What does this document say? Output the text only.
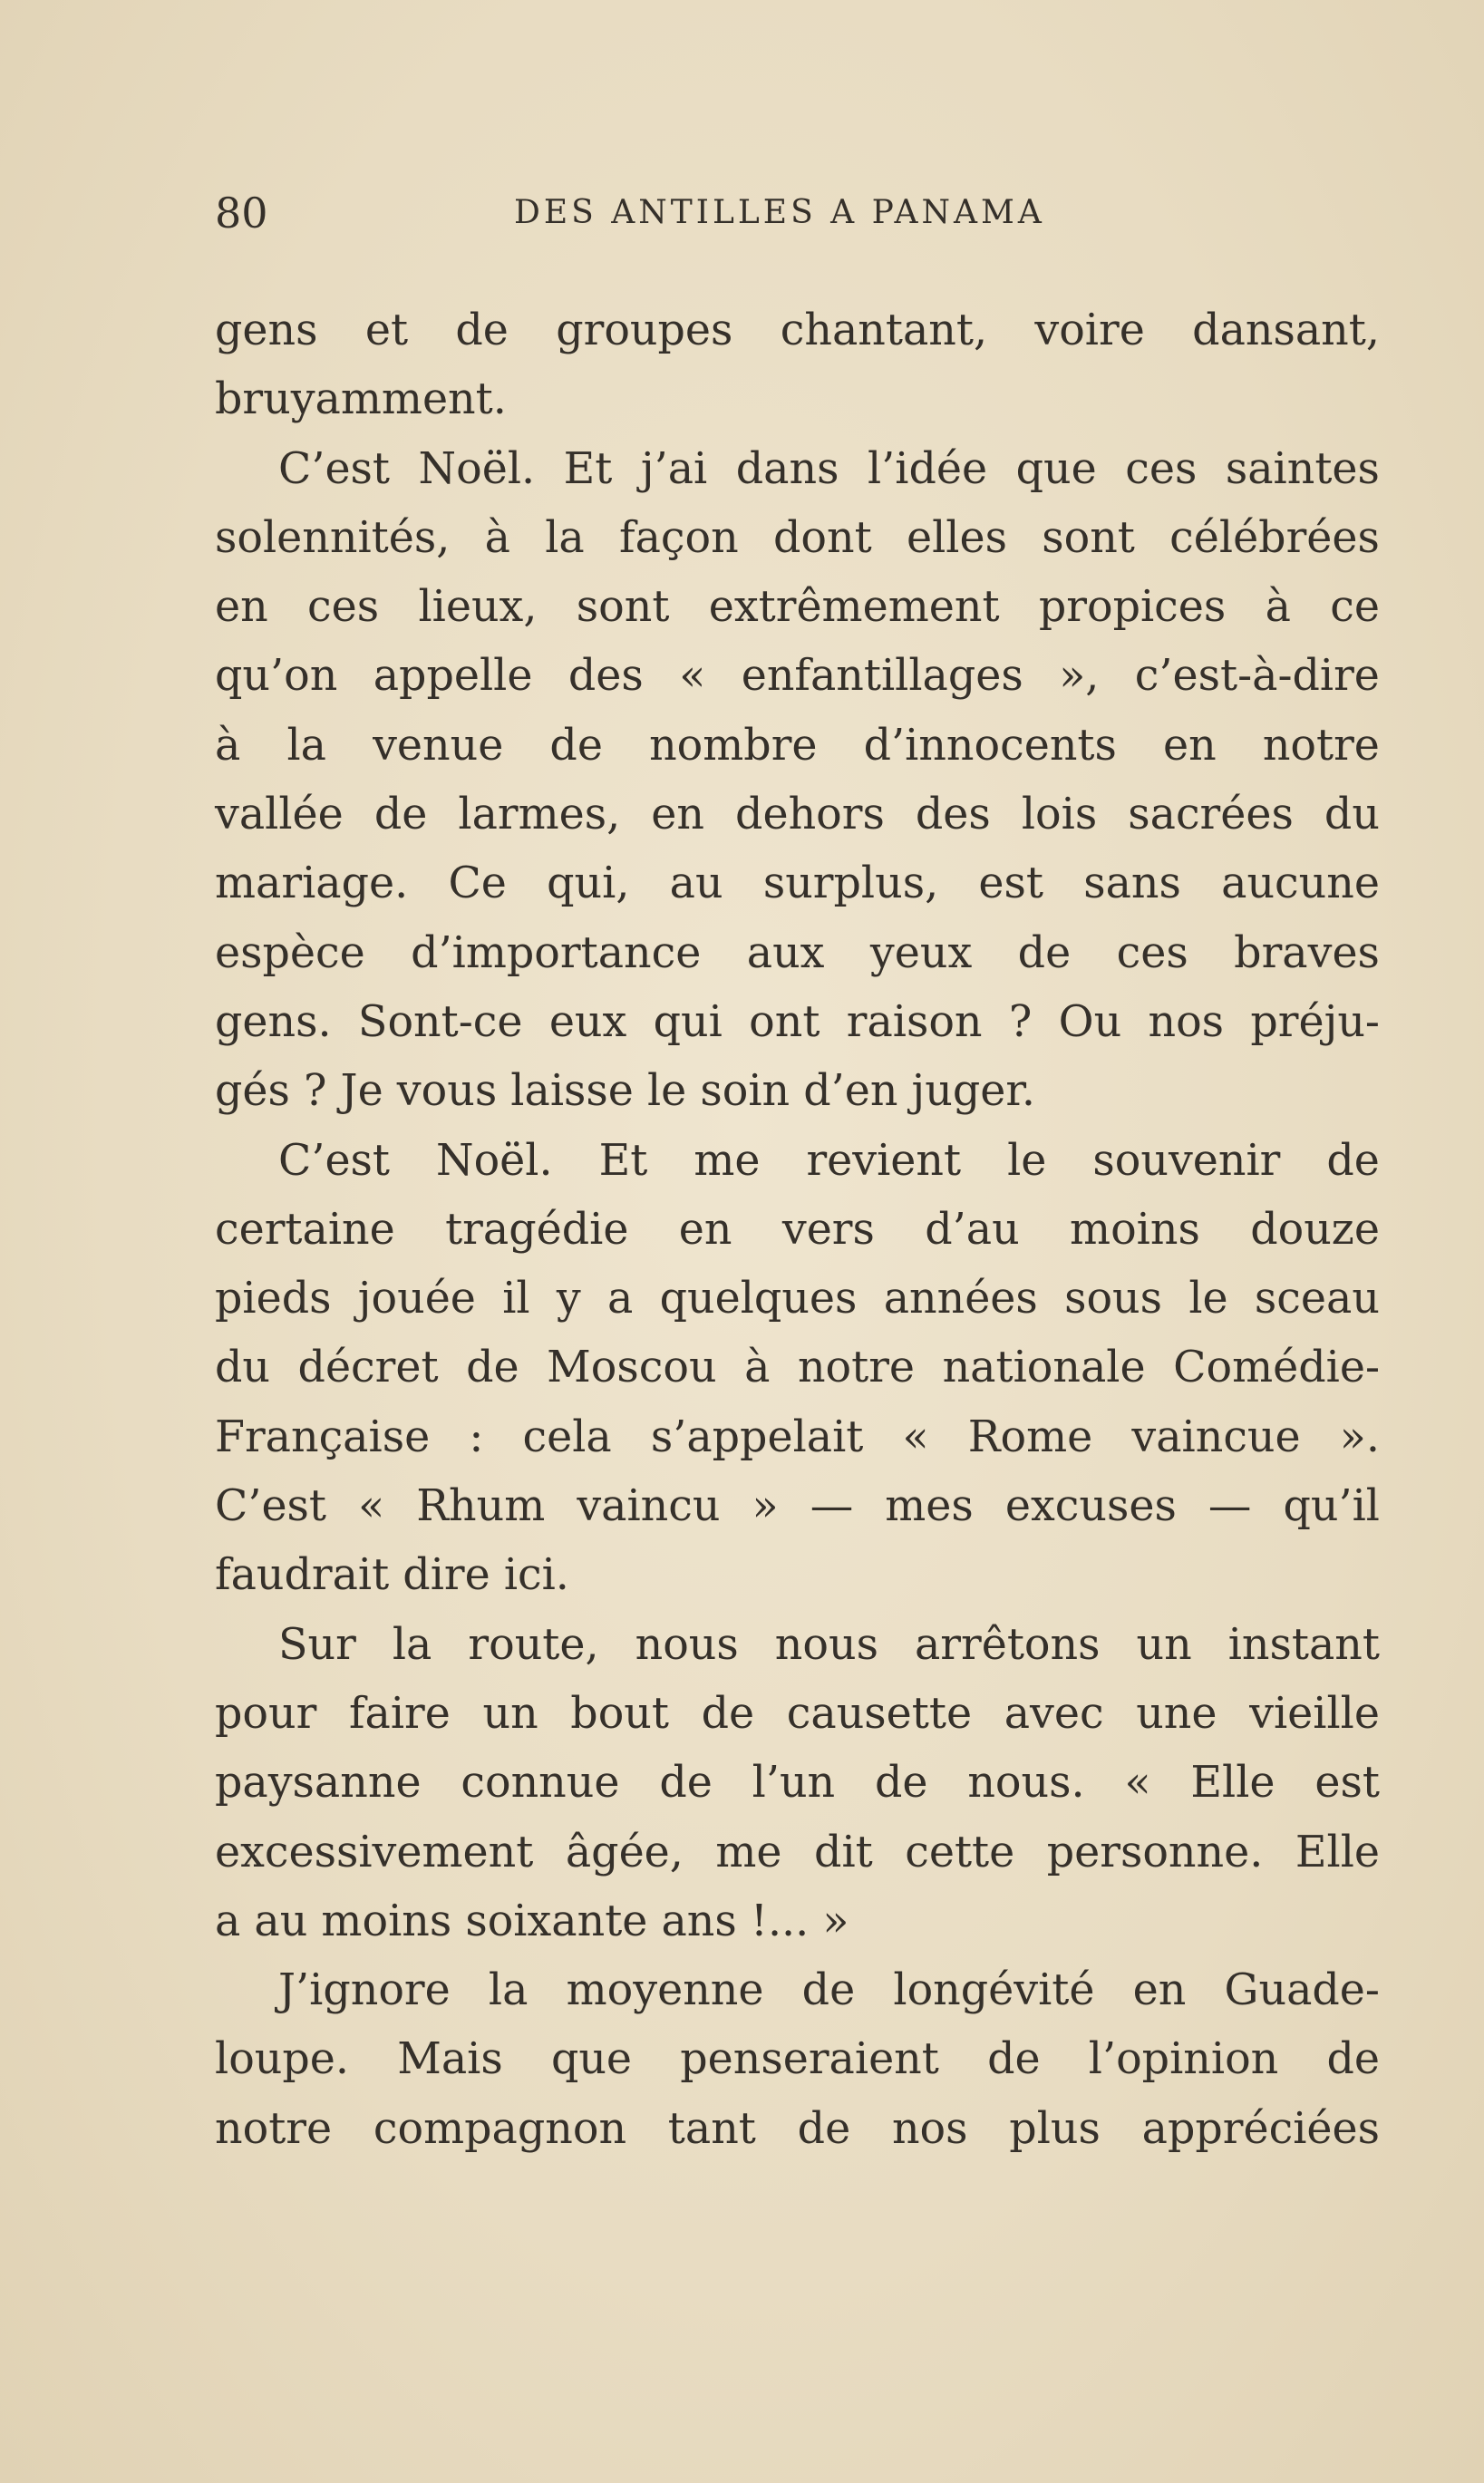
80	DES ANTILLES A PANAMA
gens et de groupes chantant, voire dansant,
bruyamment.
C’est Noël. Et j’ai dans l’idée que ces saintes
solennités, à la façon dont elles sont célébrées
en ces lieux, sont extrêmement propices à ce
qu’on appelle des « enfantillages », c’est-à-dire
à la venue de nombre d’innocents en notre
vallée de larmes, en dehors des lois sacrées du
mariage. Ce qui, au surplus, est sans aucune
espèce d’importance aux yeux de ces braves
gens. Sont-ce eux qui ont raison ? Ou nos préju-
gés ? Je vous laisse le soin d’en juger.
C’est Noël. Et me revient le souvenir de
certaine tragédie en vers d’au moins douze
pieds jouée il y a quelques années sous le sceau
du décret de Moscou à notre nationale Comédie-
Française : cela s’appelait « Rome vaincue ».
C’est « Rhum vaincu » — mes excuses — qu’il
faudrait dire ici.
Sur la route, nous nous arrêtons un instant
pour faire un bout de causette avec une vieille
paysanne connue de l’un de nous. « Elle est
excessivement âgée, me dit cette personne. Elle
a au moins soixante ans !... »
J’ignore la moyenne de longévité en Guade-
loupe. Mais que penseraient de l’opinion de
notre compagnon tant de nos plus appréciées
